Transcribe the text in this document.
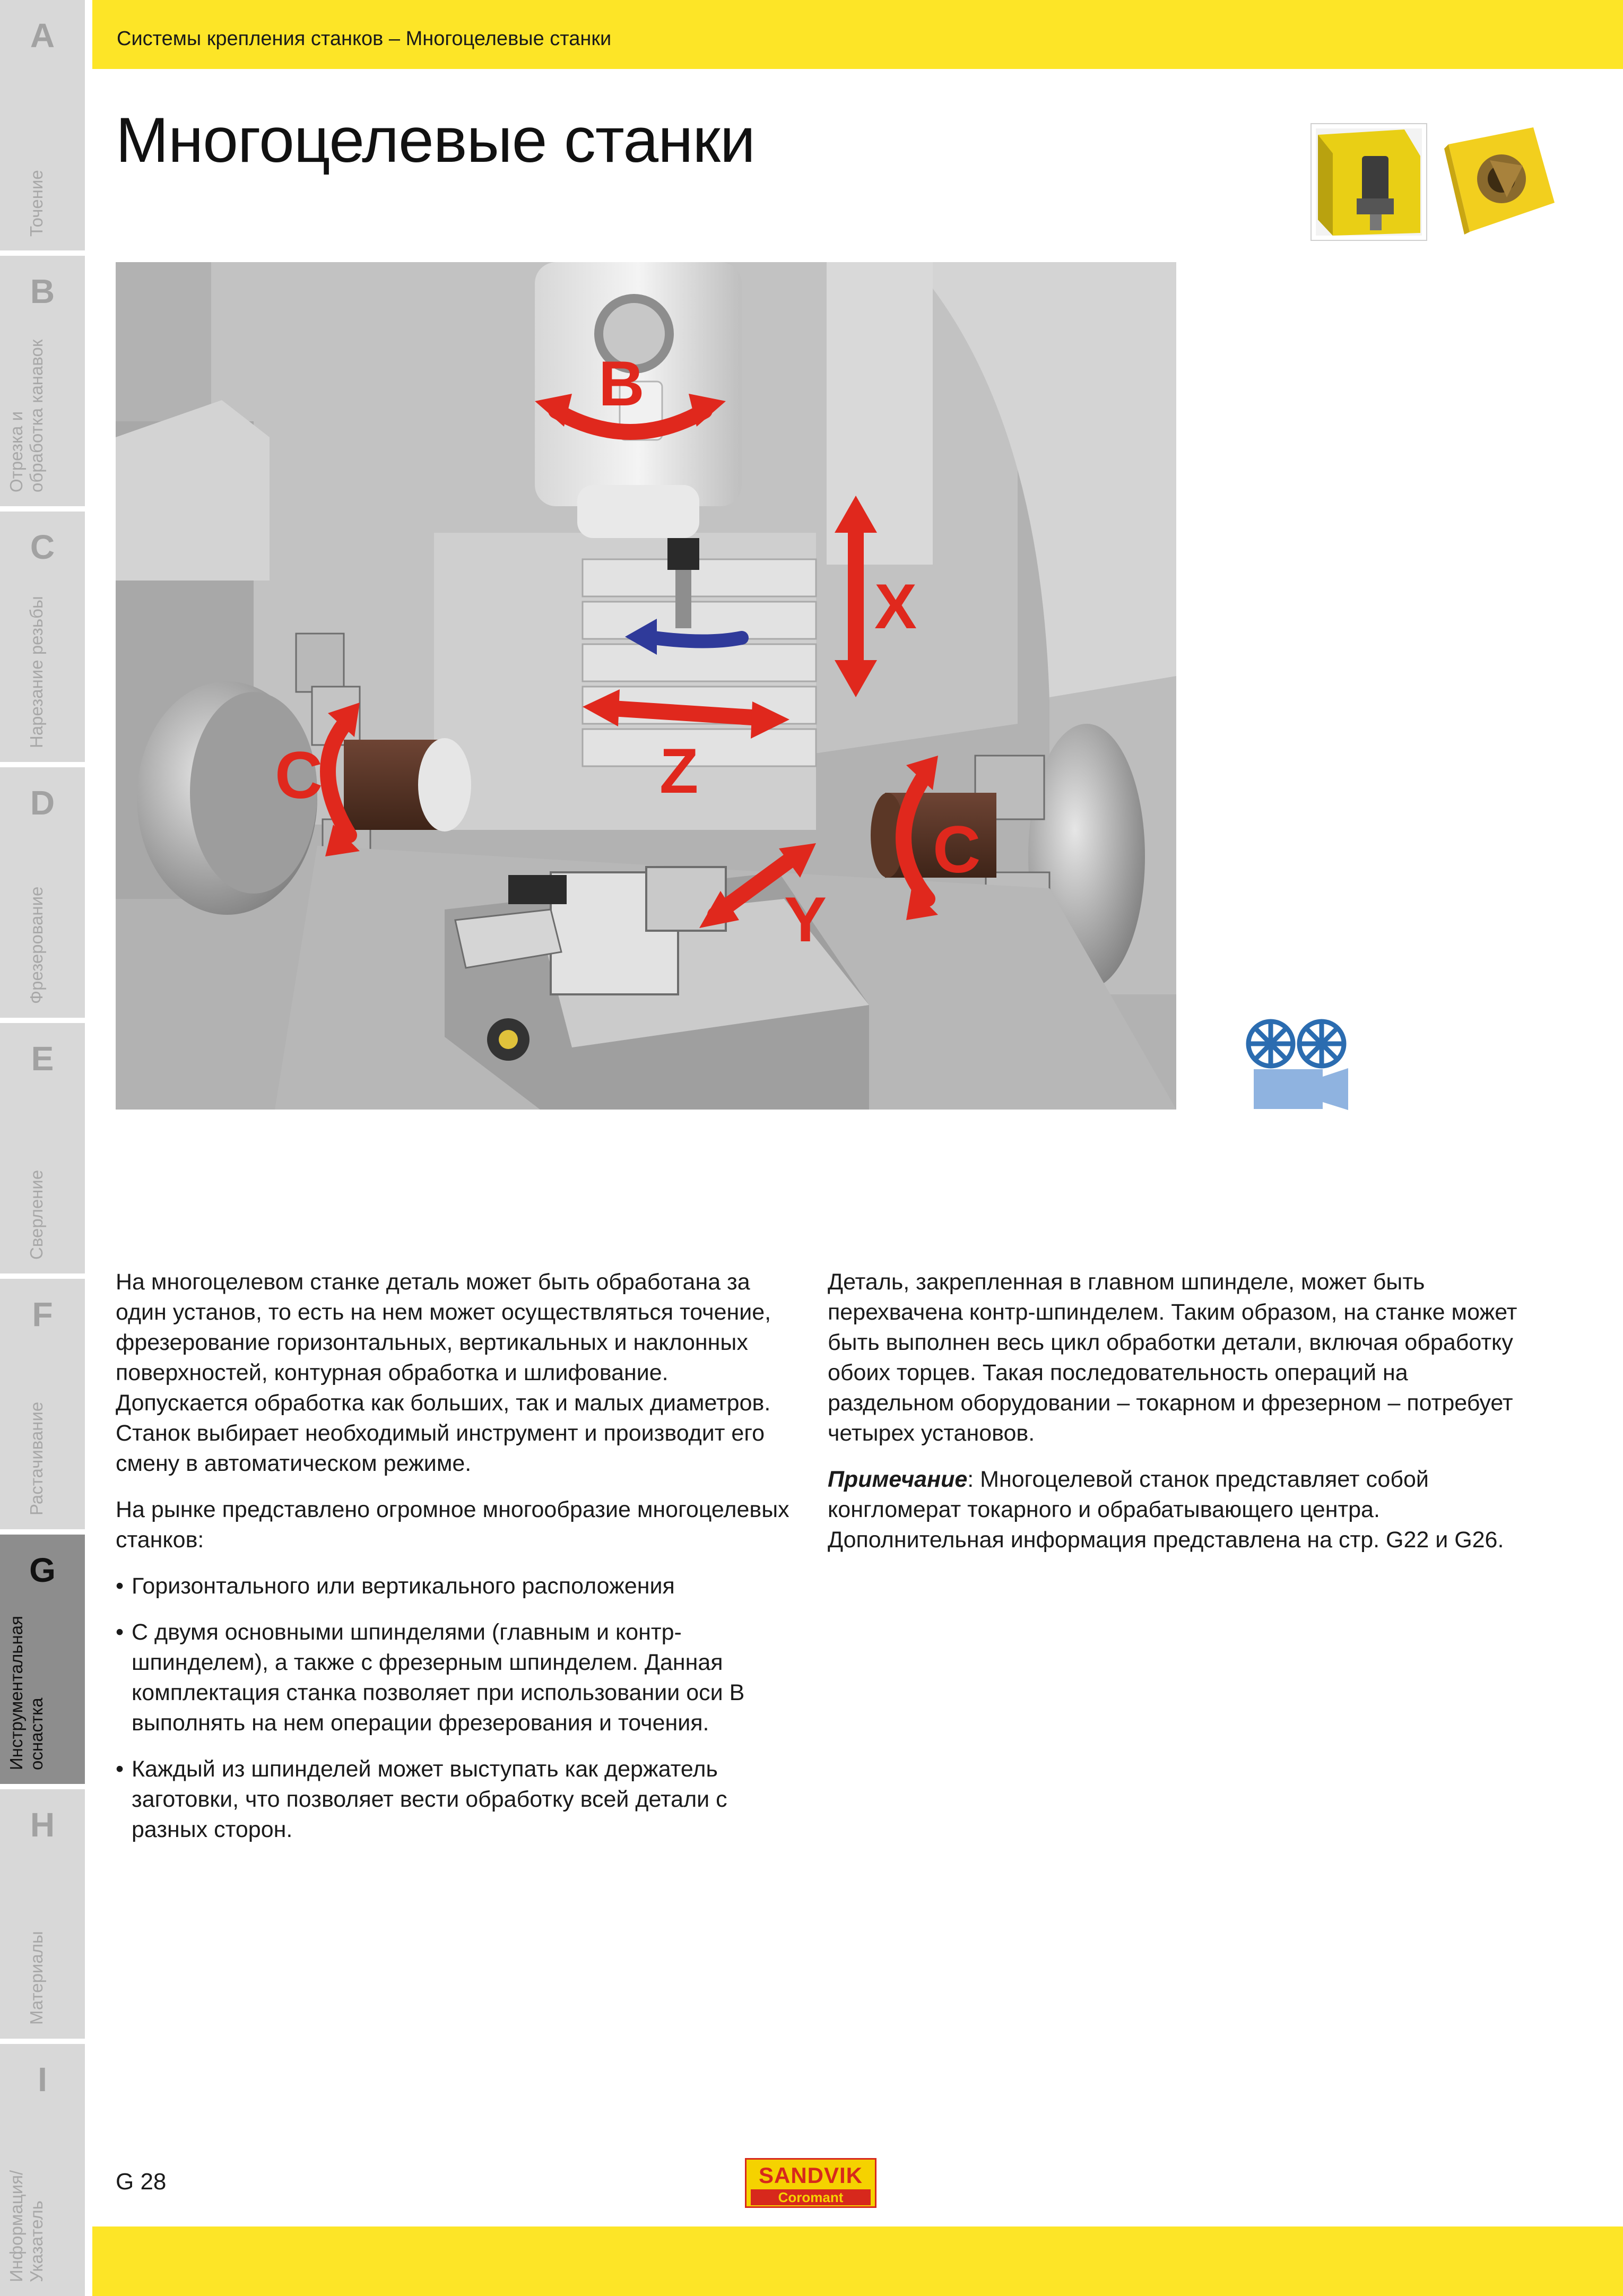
A
Точение
B
Отрезка и
обработка канавок
C
Нарезание резьбы
D
Фрезерование
E
Сверление
F
Растачивание
G
Инструментальная
оснастка
H
Материалы
I
Информация/
Указатель
Системы крепления станков – Многоцелевые станки
Многоцелевые станки
B
X
Z
Y
C
C

На многоцелевом станке деталь может быть обработана за один установ, то есть на нем может осуществляться точение, фрезерование горизонтальных, вертикальных и наклонных поверхностей, контурная обработка и шлифование. Допускается обработка как больших, так и малых диаметров. Станок выбирает необходимый инструмент и производит его смену в автоматическом режиме.

На рынке представлено огромное многообразие многоцелевых станков:

• Горизонтального или вертикального расположения
• С двумя основными шпинделями (главным и контр-шпинделем), а также с фрезерным шпинделем. Данная комплектация станка позволяет при использовании оси B выполнять на нем операции фрезерования и точения.
• Каждый из шпинделей может выступать как держатель заготовки, что позволяет вести обработку всей детали с разных сторон.

Деталь, закрепленная в главном шпинделе, может быть перехвачена контр-шпинделем. Таким образом, на станке может быть выполнен весь цикл обработки детали, включая обработку обоих торцев. Такая последовательность операций на раздельном оборудовании – токарном и фрезерном – потребует четырех установов.

Примечание: Многоцелевой станок представляет собой конгломерат токарного и обрабатывающего центра. Дополнительная информация представлена на стр. G22 и G26.

G 28	SANDVIK
Coromant
